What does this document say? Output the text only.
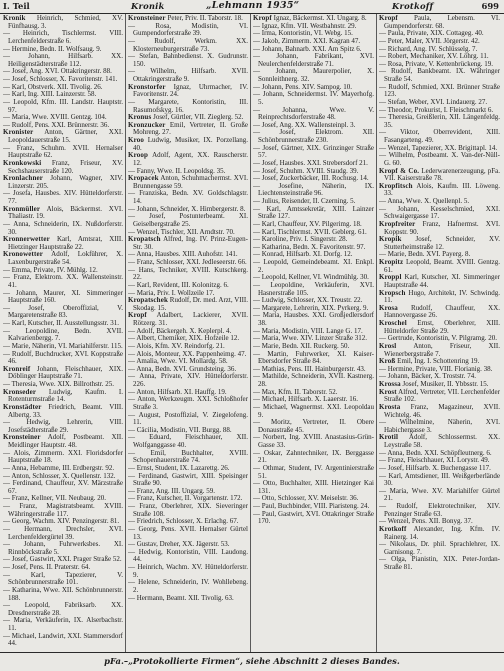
I. Teil	Kronik	„Lehmann 1935“	Krotkoff	699
Kronik Heinrich, Schmied, XV. Fünfhausg. 3.
— Heinrich, Tischlermst. VIII. Lerchenfelderstraße 6.
— Hermine, Bedn. II. Wolfsaug. 9.
— Johann, Hilfsarb. XX. Heiligenstädterstraße 112.
— Josef, Ang. XVI. Ottakringerstr. 88.
— Josef, Schlosser, X. Favoritenstr. 141.
— Karl, Obstverk. XII. Tivolig. 26.
— Karl, Ing. XIII. Lainzerstr. 58.
— Leopold, Kfm. III. Landstr. Hauptstr. 97.
— Maria, Wwe. XVIII. Gentzg. 104.
— Rudolf, Pens. XXI. Brünnerstr. 36.
Kronister Anton, Gärtner, XXI. Leopoldauerstraße 15.
— Franz, Schuhm. XVII. Hernalser Hauptstraße 62.
Kronkowski Franz, Friseur, XV. Sechshauserstraße 120.
Kronlachner Johann, Wagner, XIV. Linzerstr. 205.
— Josefa, Hausbes. XIV. Hütteldorferstr. 77.
Kronmüller Alois, Bäckermst. XVI. Thaliastr. 19.
— Anna, Schneiderin, IX. Nußdorferstr. 30.
Kronnerwetter Karl, Amtsrat, XIII. Hietzinger Hauptstraße 22.
Kronowetter Adolf, Lokführer, X. Laxenburgerstraße 54.
— Emma, Private, IV. Mühlg. 12.
— Franz, Elektrom. XX. Wallensteinstr. 41.
— Johann, Maurer, XI. Simmeringer Hauptstraße 160.
— Josef, Oberoffizial, V. Margaretenstraße 83.
— Karl, Kutscher, II. Ausstellungsstr. 31.
— Leopoldine, Bedn. XVII. Kalvarienbergg. 7.
— Marie, Näherin, VI. Mariahilferstr. 115.
— Rudolf, Buchdrucker, XVI. Koppstraße 46.
Kronreif Johann, Fleischhauer, XIX. Döblinger Hauptstraße 71.
— Theresia, Wwe. XIX. Billrothstr. 25.
Kronseder Ludwig, Kaufm. I. Rotenturmstraße 14.
Kronstädter Friedrich, Beamt. VIII. Albertg. 33.
— Hedwig, Lehrerin, VIII. Josefstädterstraße 29.
Kronsteiner Adolf, Postbeamt. XII. Meidlinger Hauptstr. 48.
— Alois, Zimmerm. XXI. Floridsdorfer Hauptstraße 18.
— Anna, Hebamme, III. Erdbergstr. 92.
— Anton, Schlosser, X. Quellenstr. 132.
— Ferdinand, Chauffeur, XV. Märzstraße 67.
— Franz, Kellner, VII. Neubaug. 20.
— Franz, Magistratsbeamt. XVIII. Währingerstraße 117.
— Georg, Wachm. XIV. Penzingerstr. 81.
— Hermann, Drechsler, XVI. Lerchenfeldergürtel 39.
— Johann, Fuhrwerksbes. XI. Rinnböckstraße 5.
— Josef, Gastwirt, XXI. Prager Straße 52.
— Josef, Pens. II. Praterstr. 64.
— Karl, Tapezierer, V. Schönbrunnerstraße 101.
— Katharina, Wwe. XII. Schönbrunnerstr. 188.
— Leopold, Fabriksarb. XX. Dresdnerstraße 28.
— Maria, Verkäuferin, IX. Alserbachstr. 11.
— Michael, Landwirt, XXI. Stammersdorf 44.
Kronsteiner Peter, Priv. II. Taborstr. 18.
— Rosa, Modistin, VI. Gumpendorferstraße 39.
— Rudolf, Werkm. XX. Klosterneuburgerstraße 73.
— Stefan, Bahnbedienst. X. Gudrunstr. 150.
— Wilhelm, Hilfsarb. XVII. Ottakringerstraße 9.
Kronstorfer Ignaz, Uhrmacher, IV. Favoritenstr. 24.
— Margarete, Kontoristin, III. Rasumofskyg. 16.
Kronus Josef, Gürtler, VII. Zieglerg. 52.
Kronzucker Emil, Vertreter, II. Große Mohreng. 27.
Kroo Ludwig, Musiker, IX. Porzellang. 40.
Kroop Adolf, Agent, XX. Rauscherstr. 12.
— Fanny, Wwe. II. Leopoldsg. 35.
Kropacek Anton, Schuhmachermst. XVI. Brunnengasse 59.
— Franziska, Bedn. XV. Goldschlagstr. 14.
— Johann, Schneider, X. Himbergerstr. 8.
— Josef, Postunterbeamt. XI. Geiselbergstraße 25.
— Wenzel, Tischler, XII. Arndtstr. 70.
Kropatsch Alfred, Ing. IV. Prinz-Eugen-Str. 30.
— Anna, Hausbes. XIII. Auhofstr. 141.
— Franz, Schlosser, XXI. Jedleseerstr. 66.
— Hans, Techniker, XVIII. Kutschkerg. 22.
— Karl, Revident, III. Kolonitzg. 6.
— Maria, Priv. I. Wollzeile 17.
Kropatschek Rudolf, Dr. med. Arzt, VIII. Skodag. 15.
Kropf Adalbert, Lackierer, XVII. Rötzerg. 31.
— Adolf, Bäckergeh. X. Keplerpl. 4.
— Albert, Chemiker, XIX. Hofzeile 12.
— Alois, Kfm. XV. Reindorfg. 21.
— Alois, Monteur, XX. Pappenheimg. 47.
— Amalia, Wwe. VI. Mollardg. 58.
— Anna, Bedn. XVI. Grundsteing. 36.
— Anna, Private, XIV. Hütteldorferstr. 226.
— Anton, Hilfsarb. XI. Hauffg. 19.
— Anton, Werkzeugm. XXI. Schloßhofer Straße 3.
— August, Postoffizial, V. Ziegelofeng. 11.
— Cäcilia, Modistin, VII. Burgg. 88.
— Eduard, Fleischhauer, XII. Wolfganggasse 40.
— Emil, Buchhalter, XVIII. Schopenhauerstraße 74.
— Ernst, Student, IX. Lazarettg. 26.
— Ferdinand, Gastwirt, XIII. Speisinger Straße 90.
— Franz, Ang. III. Ungarg. 59.
— Franz, Kutscher, II. Vorgartenstr. 172.
— Franz, Oberlehrer, XIX. Sieveringer Straße 108.
— Friedrich, Schlosser, X. Erlachg. 67.
— Georg, Pens. XVII. Hernalser Gürtel 13.
— Gustav, Dreher, XX. Jägerstr. 53.
— Hedwig, Kontoristin, VIII. Laudong. 44.
— Heinrich, Wachm. XV. Hütteldorferstr. 9.
— Helene, Schneiderin, IV. Wohllebeng. 2.
— Hermann, Beamt. XII. Tivolig. 63.
Kropf Ignaz, Bäckermst. XI. Ungarg. 8.
— Ignaz, Kfm. VII. Westbahnstr. 29.
— Irma, Kontoristin, VI. Webg. 15.
— Jakob, Zimmerm. XXI. Kagran 47.
— Johann, Bahnarb. XXI. Am Spitz 6.
— Johann, Fabrikant, XVI. Neulerchenfelderstraße 71.
— Johann, Maurerpolier, X. Sonnleithnerg. 32.
— Johann, Pens. XIV. Sampog. 10.
— Johann, Schneidermst. IV. Mayerhofg. 5.
— Johanna, Wwe. V. Reinprechtsdorferstraße 48.
— Josef, Ang. XX. Wallensteinpl. 3.
— Josef, Elektrom. XII. Schönbrunnerstraße 230.
— Josef, Gärtner, XIX. Grinzinger Straße 57.
— Josef, Hausbes. XXI. Strebersdorf 21.
— Josef, Schuhm. XVIII. Staudg. 39.
— Josef, Zuckerbäcker, III. Rochusg. 14.
— Josefine, Näherin, IX. Liechtensteinstraße 96.
— Julius, Reisender, II. Czerning. 5.
— Karl, Amtssekretär, XIII. Lainzer Straße 127.
— Karl, Chauffeur, XV. Pilgerimg. 18.
— Karl, Tischlermst. XVII. Geblerg. 61.
— Karoline, Priv. I. Singerstr. 28.
— Katharina, Bedn. X. Favoritenstr. 97.
— Konrad, Hilfsarb. XI. Dorfg. 12.
— Leopold, Gemeindebeamt. XI. Enkpl. 2.
— Leopold, Kellner, VI. Windmühlg. 30.
— Leopoldine, Verkäuferin, XVI. Hasnerstraße 105.
— Ludwig, Schlosser, XX. Treustr. 22.
— Margarete, Lehrerin, XIX. Pyrkerg. 9.
— Maria, Hausbes. XXI. Großjedlersdorf 38.
— Maria, Modistin, VIII. Lange G. 17.
— Maria, Wwe. XIV. Linzer Straße 312.
— Marie, Bedn. XII. Ruckerg. 50.
— Martin, Fuhrwerker, XI. Kaiser-Ebersdorfer Straße 84.
— Mathias, Pens. III. Hainburgerstr. 43.
— Mathilde, Schneiderin, XVII. Kastnerg. 28.
— Max, Kfm. II. Taborstr. 52.
— Michael, Hilfsarb. X. Laaerstr. 16.
— Michael, Wagnermst. XXI. Leopoldau 9.
— Moritz, Vertreter, II. Obere Donaustraße 45.
— Norbert, Ing. XVIII. Anastasius-Grün-Gasse 33.
— Oskar, Zahntechniker, IX. Berggasse 21.
— Othmar, Student, IV. Argentinierstraße 51.
— Otto, Buchhalter, XIII. Hietzinger Kai 131.
— Otto, Schlosser, XV. Meiselstr. 36.
— Paul, Buchbinder, VIII. Piaristeng. 24.
— Paul, Gastwirt, XVI. Ottakringer Straße 170.
Kropf Paula, Lebensm. VI. Gumpendorferstr. 68.
— Paula, Private, XIX. Cottageg. 40.
— Peter, Maler, XVII. Jörgerstr. 42.
— Richard, Ang. IV. Schlüsselg. 7.
— Robert, Mechaniker, XV. Löhrg. 11.
— Rosa, Private, V. Kettenbrückeng. 19.
— Rudolf, Bankbeamt. IX. Währinger Straße 54.
— Rudolf, Schmied, XXI. Brünner Straße 123.
— Stefan, Weber, XVI. Lindauerg. 27.
— Theodor, Prokurist, I. Fleischmarkt 6.
— Theresia, Greißlerin, XII. Längenfeldg. 35.
— Viktor, Oberrevident, XIII. Fasangarteng. 49.
— Wenzel, Tapezierer, XX. Brigittapl. 14.
— Wilhelm, Postbeamt. X. Van-der-Nüll-G. 60.
Kropf & Co. Lederwarenerzeugung, pFa. VII. Kaiserstraße 78.
Kropfitsch Alois, Kaufm. III. Löweng. 33.
— Anna, Wwe. X. Quellenpl. 5.
— Johann, Kesselschmied, XXI. Schwaigergasse 17.
Kropfreiter Franz, Hafnermst. XVI. Koppstr. 90.
Kropik Josef, Schneider, XV. Stutterheimstraße 12.
— Marie, Bedn. XVI. Payerg. 8.
Kropitz Leopold, Beamt. XVIII. Gentzg. 61.
Kroppl Karl, Kutscher, XI. Simmeringer Hauptstraße 44.
Kropsch Hugo, Architekt, IV. Schwindg. 11.
Krosa Rudolf, Chauffeur, XX. Hannovergasse 26.
Kroschel Ernst, Oberlehrer, XIII. Hütteldorfer Straße 29.
— Gertrude, Kontoristin, V. Pilgramg. 20.
Krosl Anton, Friseur, XII. Wienerbergstraße 7.
Kroß Emil, Ing. I. Schottenring 19.
— Hermine, Private, VIII. Florianig. 38.
— Johann, Bäcker, X. Troststr. 74.
Krossa Josef, Musiker, II. Ybbsstr. 15.
Krost Alfred, Vertreter, VII. Lerchenfelder Straße 102.
Krosta Franz, Magazineur, XVII. Wichtelg. 46.
— Wilhelmine, Näherin, XVI. Habichergasse 3.
Krotil Adolf, Schlossermst. XX. Leystraße 58.
— Anna, Bedn. XXI. Schöpfleutnerg. 6.
— Franz, Fleischhauer, XI. Lorystr. 49.
— Josef, Hilfsarb. X. Buchengasse 117.
— Karl, Amtsdiener, III. Weißgerberlände 30.
— Maria, Wwe. XV. Mariahilfer Gürtel 21.
— Rudolf, Elektrotechniker, XIV. Penzinger Straße 63.
— Wenzel, Pens. XII. Bonyg. 37.
Krotkoff Alexander, Ing. Kfm. IV. Rainerg. 14.
— Nikolaus, Dr. phil. Sprachlehrer, IX. Garnisong. 7.
— Olga, Pianistin, XIX. Peter-Jordan-Straße 81.
pFa.–„Protokollierte Firmen“, siehe Abschnitt 2 dieses Bandes.
